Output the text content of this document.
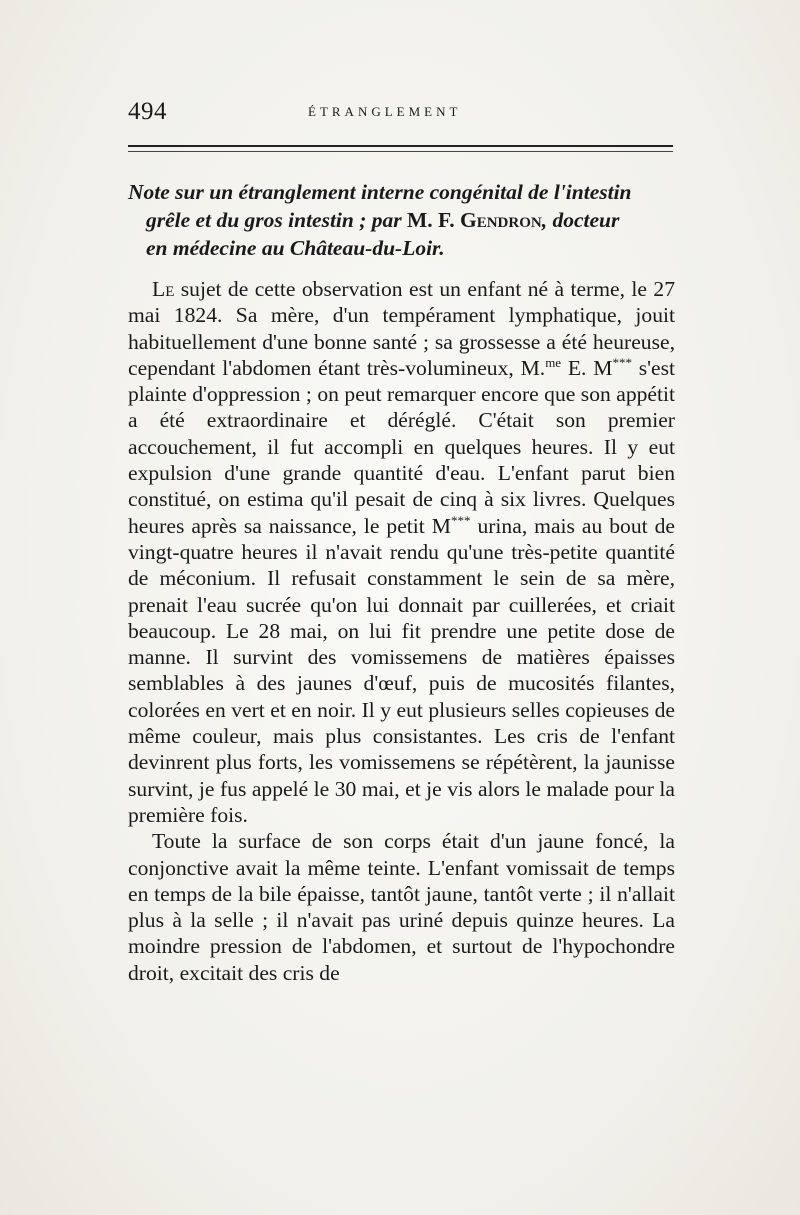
494	ÉTRANGLEMENT
Note sur un étranglement interne congénital de l'intestin
grêle et du gros intestin ; par M. F. Gendron, docteur
en médecine au Château-du-Loir.

Le sujet de cette observation est un enfant né à terme, le 27 mai 1824. Sa mère, d'un tempérament lymphatique, jouit habituellement d'une bonne santé ; sa grossesse a été heureuse, cependant l'abdomen étant très-volumineux, M.$^{me}$ E. M*** s'est plainte d'oppression ; on peut remarquer encore que son appétit a été extraordinaire et déréglé. C'était son premier accouchement, il fut accompli en quelques heures. Il y eut expulsion d'une grande quantité d'eau. L'enfant parut bien constitué, on estima qu'il pesait de cinq à six livres. Quelques heures après sa naissance, le petit M*** urina, mais au bout de vingt-quatre heures il n'avait rendu qu'une très-petite quantité de méconium. Il refusait constamment le sein de sa mère, prenait l'eau sucrée qu'on lui donnait par cuillerées, et criait beaucoup. Le 28 mai, on lui fit prendre une petite dose de manne. Il survint des vomissemens de matières épaisses semblables à des jaunes d'œuf, puis de mucosités filantes, colorées en vert et en noir. Il y eut plusieurs selles copieuses de même couleur, mais plus consistantes. Les cris de l'enfant devinrent plus forts, les vomissemens se répétèrent, la jaunisse survint, je fus appelé le 30 mai, et je vis alors le malade pour la première fois.

Toute la surface de son corps était d'un jaune foncé, la conjonctive avait la même teinte. L'enfant vomissait de temps en temps de la bile épaisse, tantôt jaune, tantôt verte ; il n'allait plus à la selle ; il n'avait pas uriné depuis quinze heures. La moindre pression de l'abdomen, et surtout de l'hypochondre droit, excitait des cris de
